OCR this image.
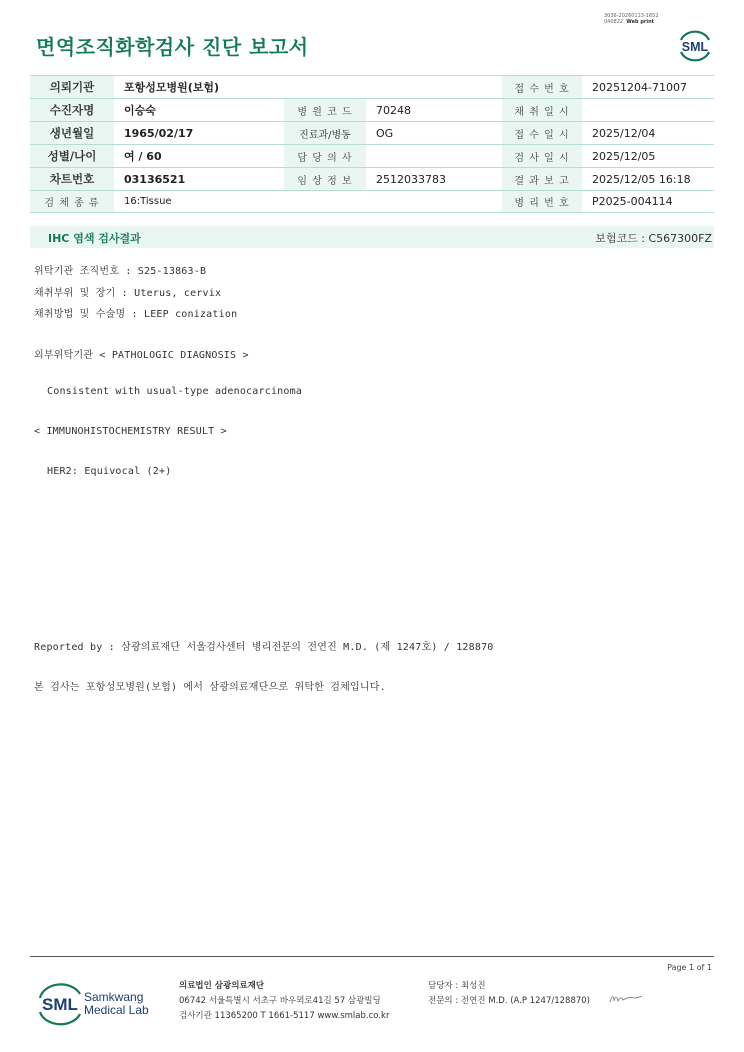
면역조직화학검사 진단 보고서
3036-20260113-1652
040822 Web print
SML
의뢰기관	포항성모병원(보험)			접 수 번 호	20251204-71007
수진자명	이승숙	병 원 코 드	70248	채 취 일 시	
생년월일	1965/02/17	진료과/병동	OG	접 수 일 시	2025/12/04
성별/나이	여 / 60	담 당 의 사		검 사 일 시	2025/12/05
차트번호	03136521	임 상 정 보	2512033783	결 과 보 고	2025/12/05 16:18
검 체 종 류	16:Tissue			병 리 번 호	P2025-004114
IHC 염색 검사결과	보험코드 : C567300FZ
위탁기관 조직번호 : S25-13863-B
채취부위 및 장기 : Uterus, cervix
채취방법 및 수술명 : LEEP conization
외부위탁기관 < PATHOLOGIC DIAGNOSIS >
Consistent with usual-type adenocarcinoma
< IMMUNOHISTOCHEMISTRY RESULT >
HER2: Equivocal (2+)
Reported by : 삼광의료재단 서울검사센터 병리전문의 전연진 M.D. (제 1247호) / 128870
본 검사는 포항성모병원(보험) 에서 삼광의료재단으로 위탁한 검체입니다.
Page 1 of 1
SML Samkwang
Medical Lab
의료법인 삼광의료재단
06742 서울특별시 서초구 바우뫼로41길 57 삼광빌딩
검사기관 11365200 T 1661-5117 www.smlab.co.kr
담당자 : 최성진
전문의 : 전연진 M.D. (A.P 1247/128870)
